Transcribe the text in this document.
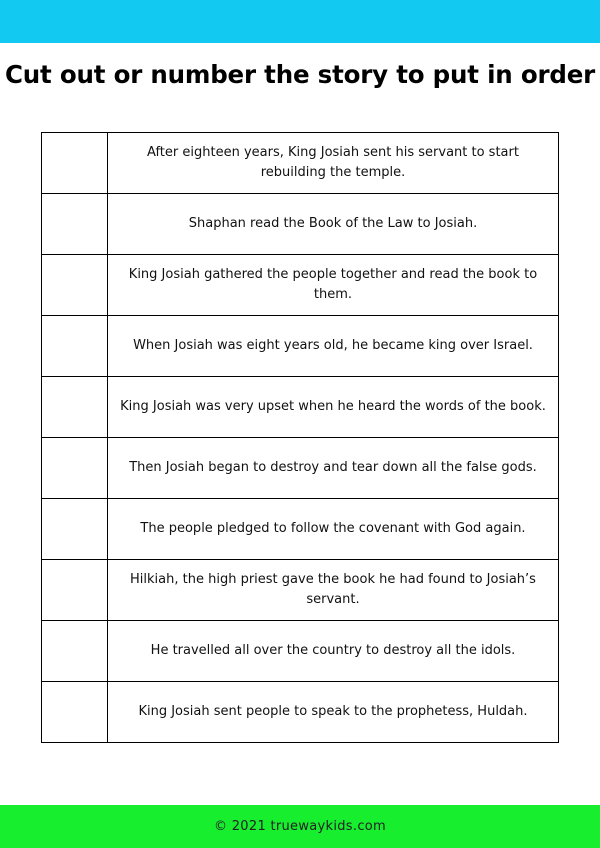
Cut out or number the story to put in order
	After eighteen years, King Josiah sent his servant to start rebuilding the temple.
	Shaphan read the Book of the Law to Josiah.
	King Josiah gathered the people together and read the book to them.
	When Josiah was eight years old, he became king over Israel.
	King Josiah was very upset when he heard the words of the book.
	Then Josiah began to destroy and tear down all the false gods.
	The people pledged to follow the covenant with God again.
	Hilkiah, the high priest gave the book he had found to Josiah’s servant.
	He travelled all over the country to destroy all the idols.
	King Josiah sent people to speak to the prophetess, Huldah.
© 2021 truewaykids.com
